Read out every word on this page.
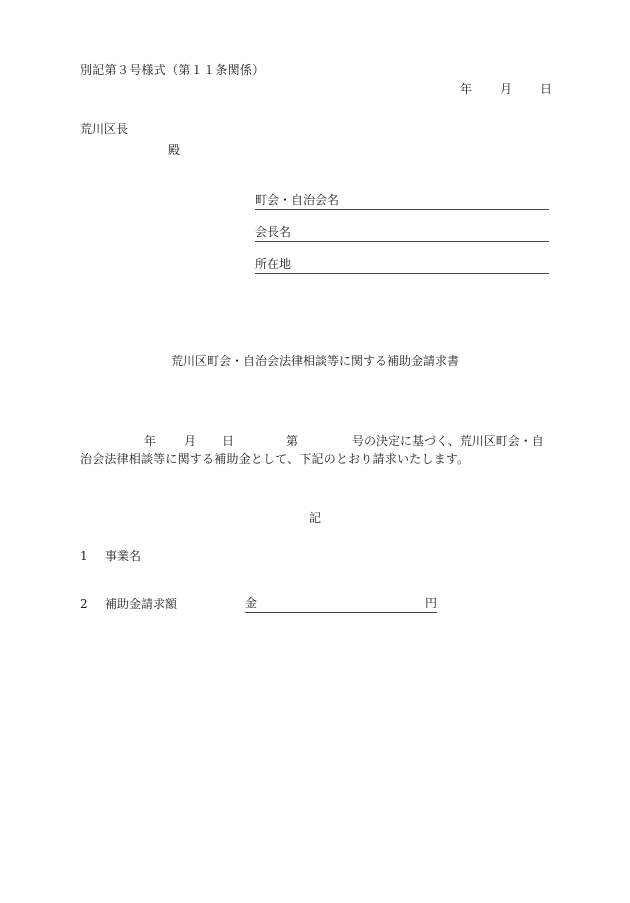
別記第３号様式（第１１条関係）
年 月 日
荒川区長
殿
町会・自治会名
会長名
所在地
荒川区町会・自治会法律相談等に関する補助金請求書
年 月 日	第	号の決定に基づく、荒川区町会・自
治会法律相談等に関する補助金として、下記のとおり請求いたします。
記
1 事業名
2 補助金請求額	金	円
